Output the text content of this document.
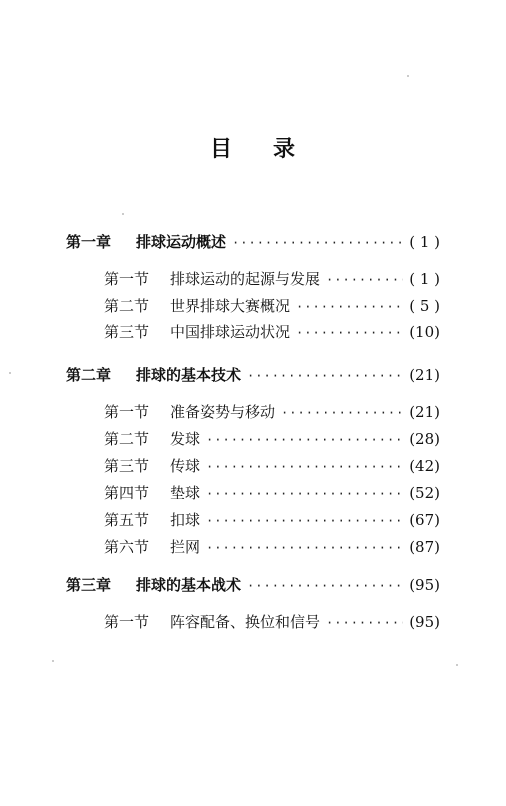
目 录
第一章	排球运动概述 ·····	( 1 )
第一节	排球运动的起源与发展 ·····	( 1 )
第二节	世界排球大赛概况 ·····	( 5 )
第三节	中国排球运动状况 ·····	(10)
第二章	排球的基本技术 ·····	(21)
第一节	准备姿势与移动 ·····	(21)
第二节	发球 ·····	(28)
第三节	传球 ·····	(42)
第四节	垫球 ·····	(52)
第五节	扣球 ·····	(67)
第六节	拦网 ·····	(87)
第三章	排球的基本战术 ·····	(95)
第一节	阵容配备、换位和信号 ·····	(95)
